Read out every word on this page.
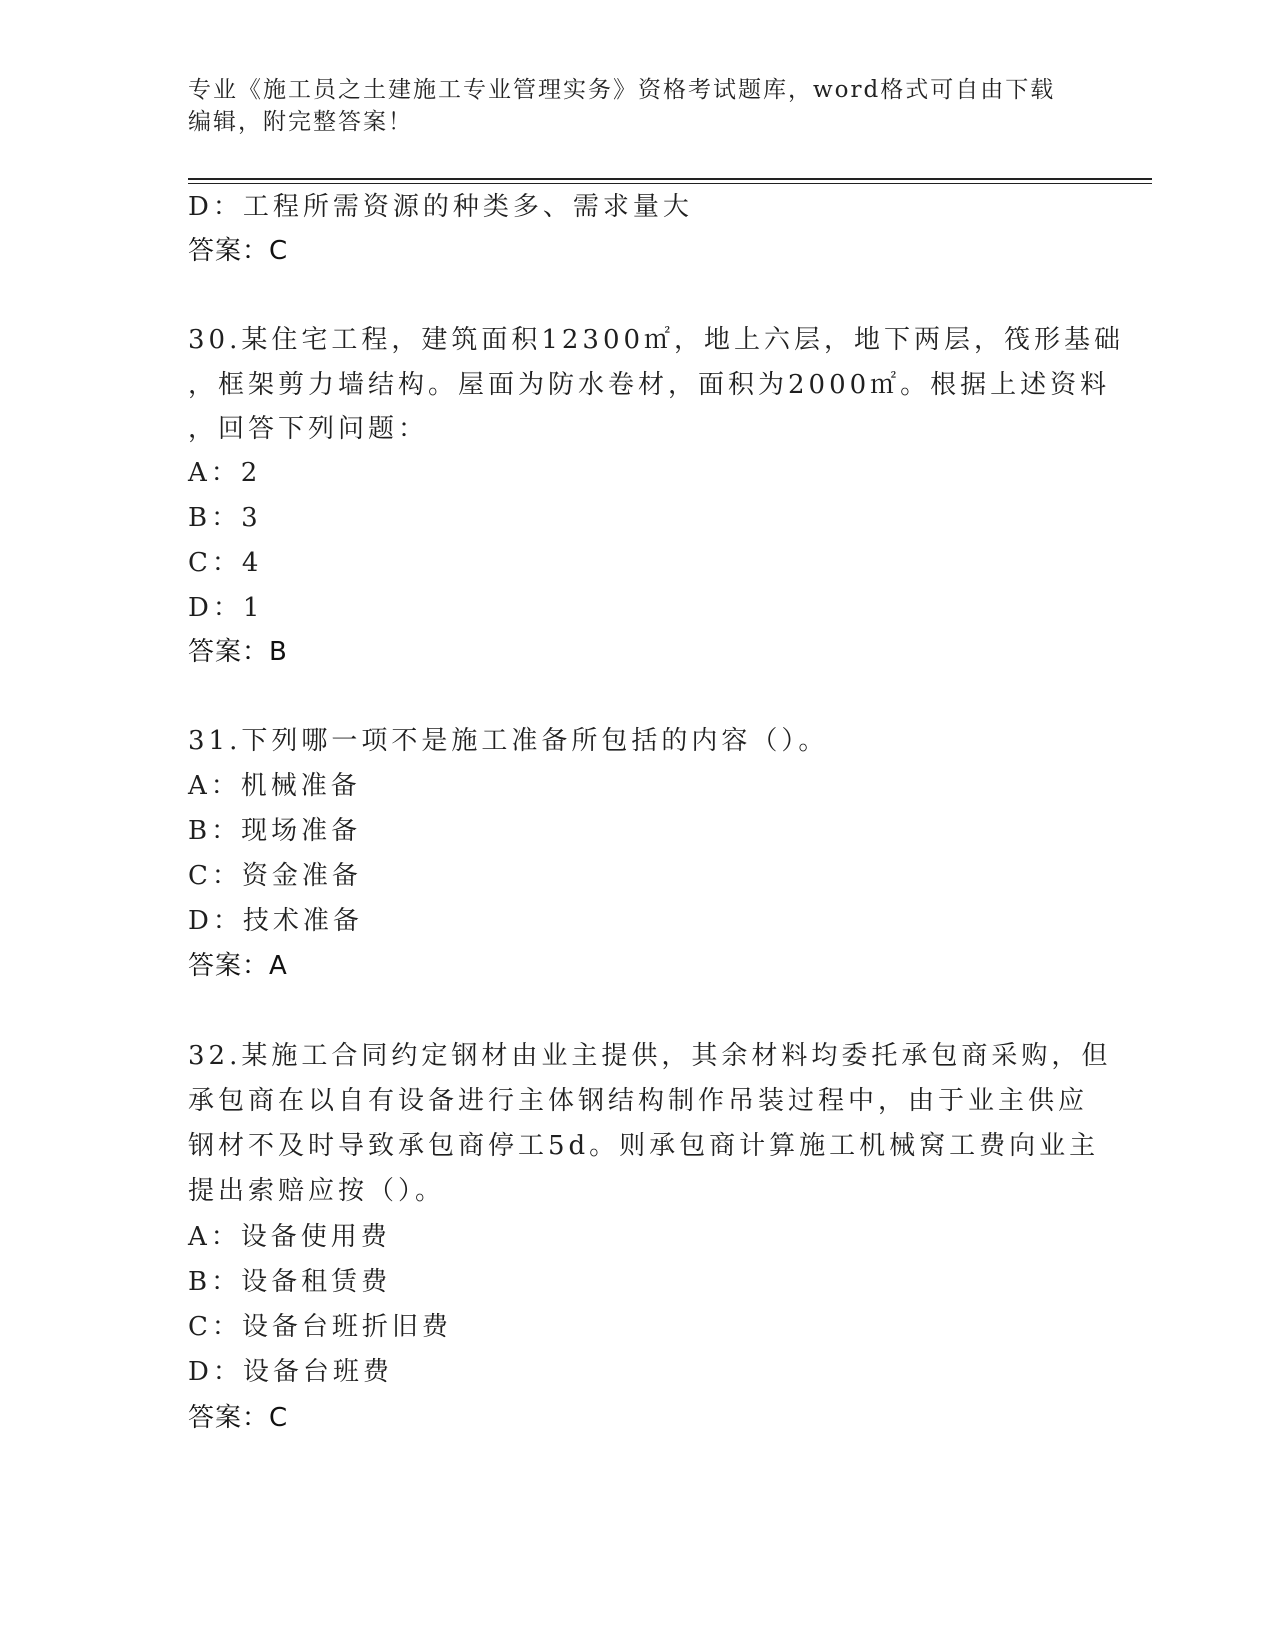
专业《施工员之土建施工专业管理实务》资格考试题库，word格式可自由下载编辑，附完整答案！
D：工程所需资源的种类多、需求量大
答案：C
30.某住宅工程，建筑面积12300㎡，地上六层，地下两层，筏形基础
，框架剪力墙结构。屋面为防水卷材，面积为2000㎡。根据上述资料
，回答下列问题：
A：2
B：3
C：4
D：1
答案：B
31.下列哪一项不是施工准备所包括的内容（）。
A：机械准备
B：现场准备
C：资金准备
D：技术准备
答案：A
32.某施工合同约定钢材由业主提供，其余材料均委托承包商采购，但
承包商在以自有设备进行主体钢结构制作吊装过程中，由于业主供应
钢材不及时导致承包商停工5d。则承包商计算施工机械窝工费向业主
提出索赔应按（）。
A：设备使用费
B：设备租赁费
C：设备台班折旧费
D：设备台班费
答案：C
